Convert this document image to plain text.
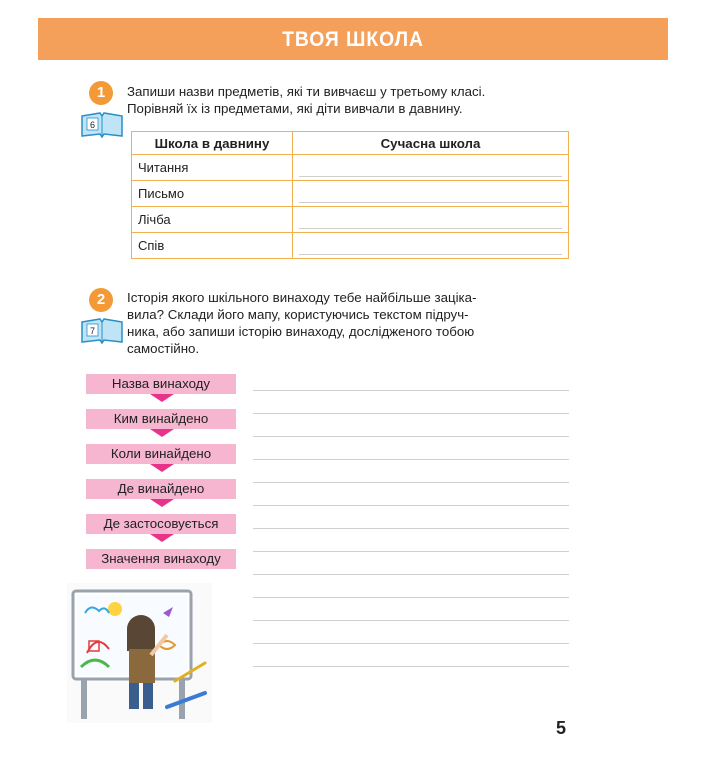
ТВОЯ ШКОЛА
1
6
Запиши назви предметів, які ти вивчаєш у третьому класі.
Порівняй їх із предметами, які діти вивчали в давнину.
Школа в давнину	Сучасна школа
Читання	

Письмо	

Лічба	

Спів	
2
7
Історія якого шкільного винаходу тебе найбільше заціка-
вила? Склади його мапу, користуючись текстом підруч-
ника, або запиши історію винаходу, дослідженого тобою
самостійно.
Назва винаходу
Ким винайдено
Коли винайдено
Де винайдено
Де застосовується
Значення винаходу
5
